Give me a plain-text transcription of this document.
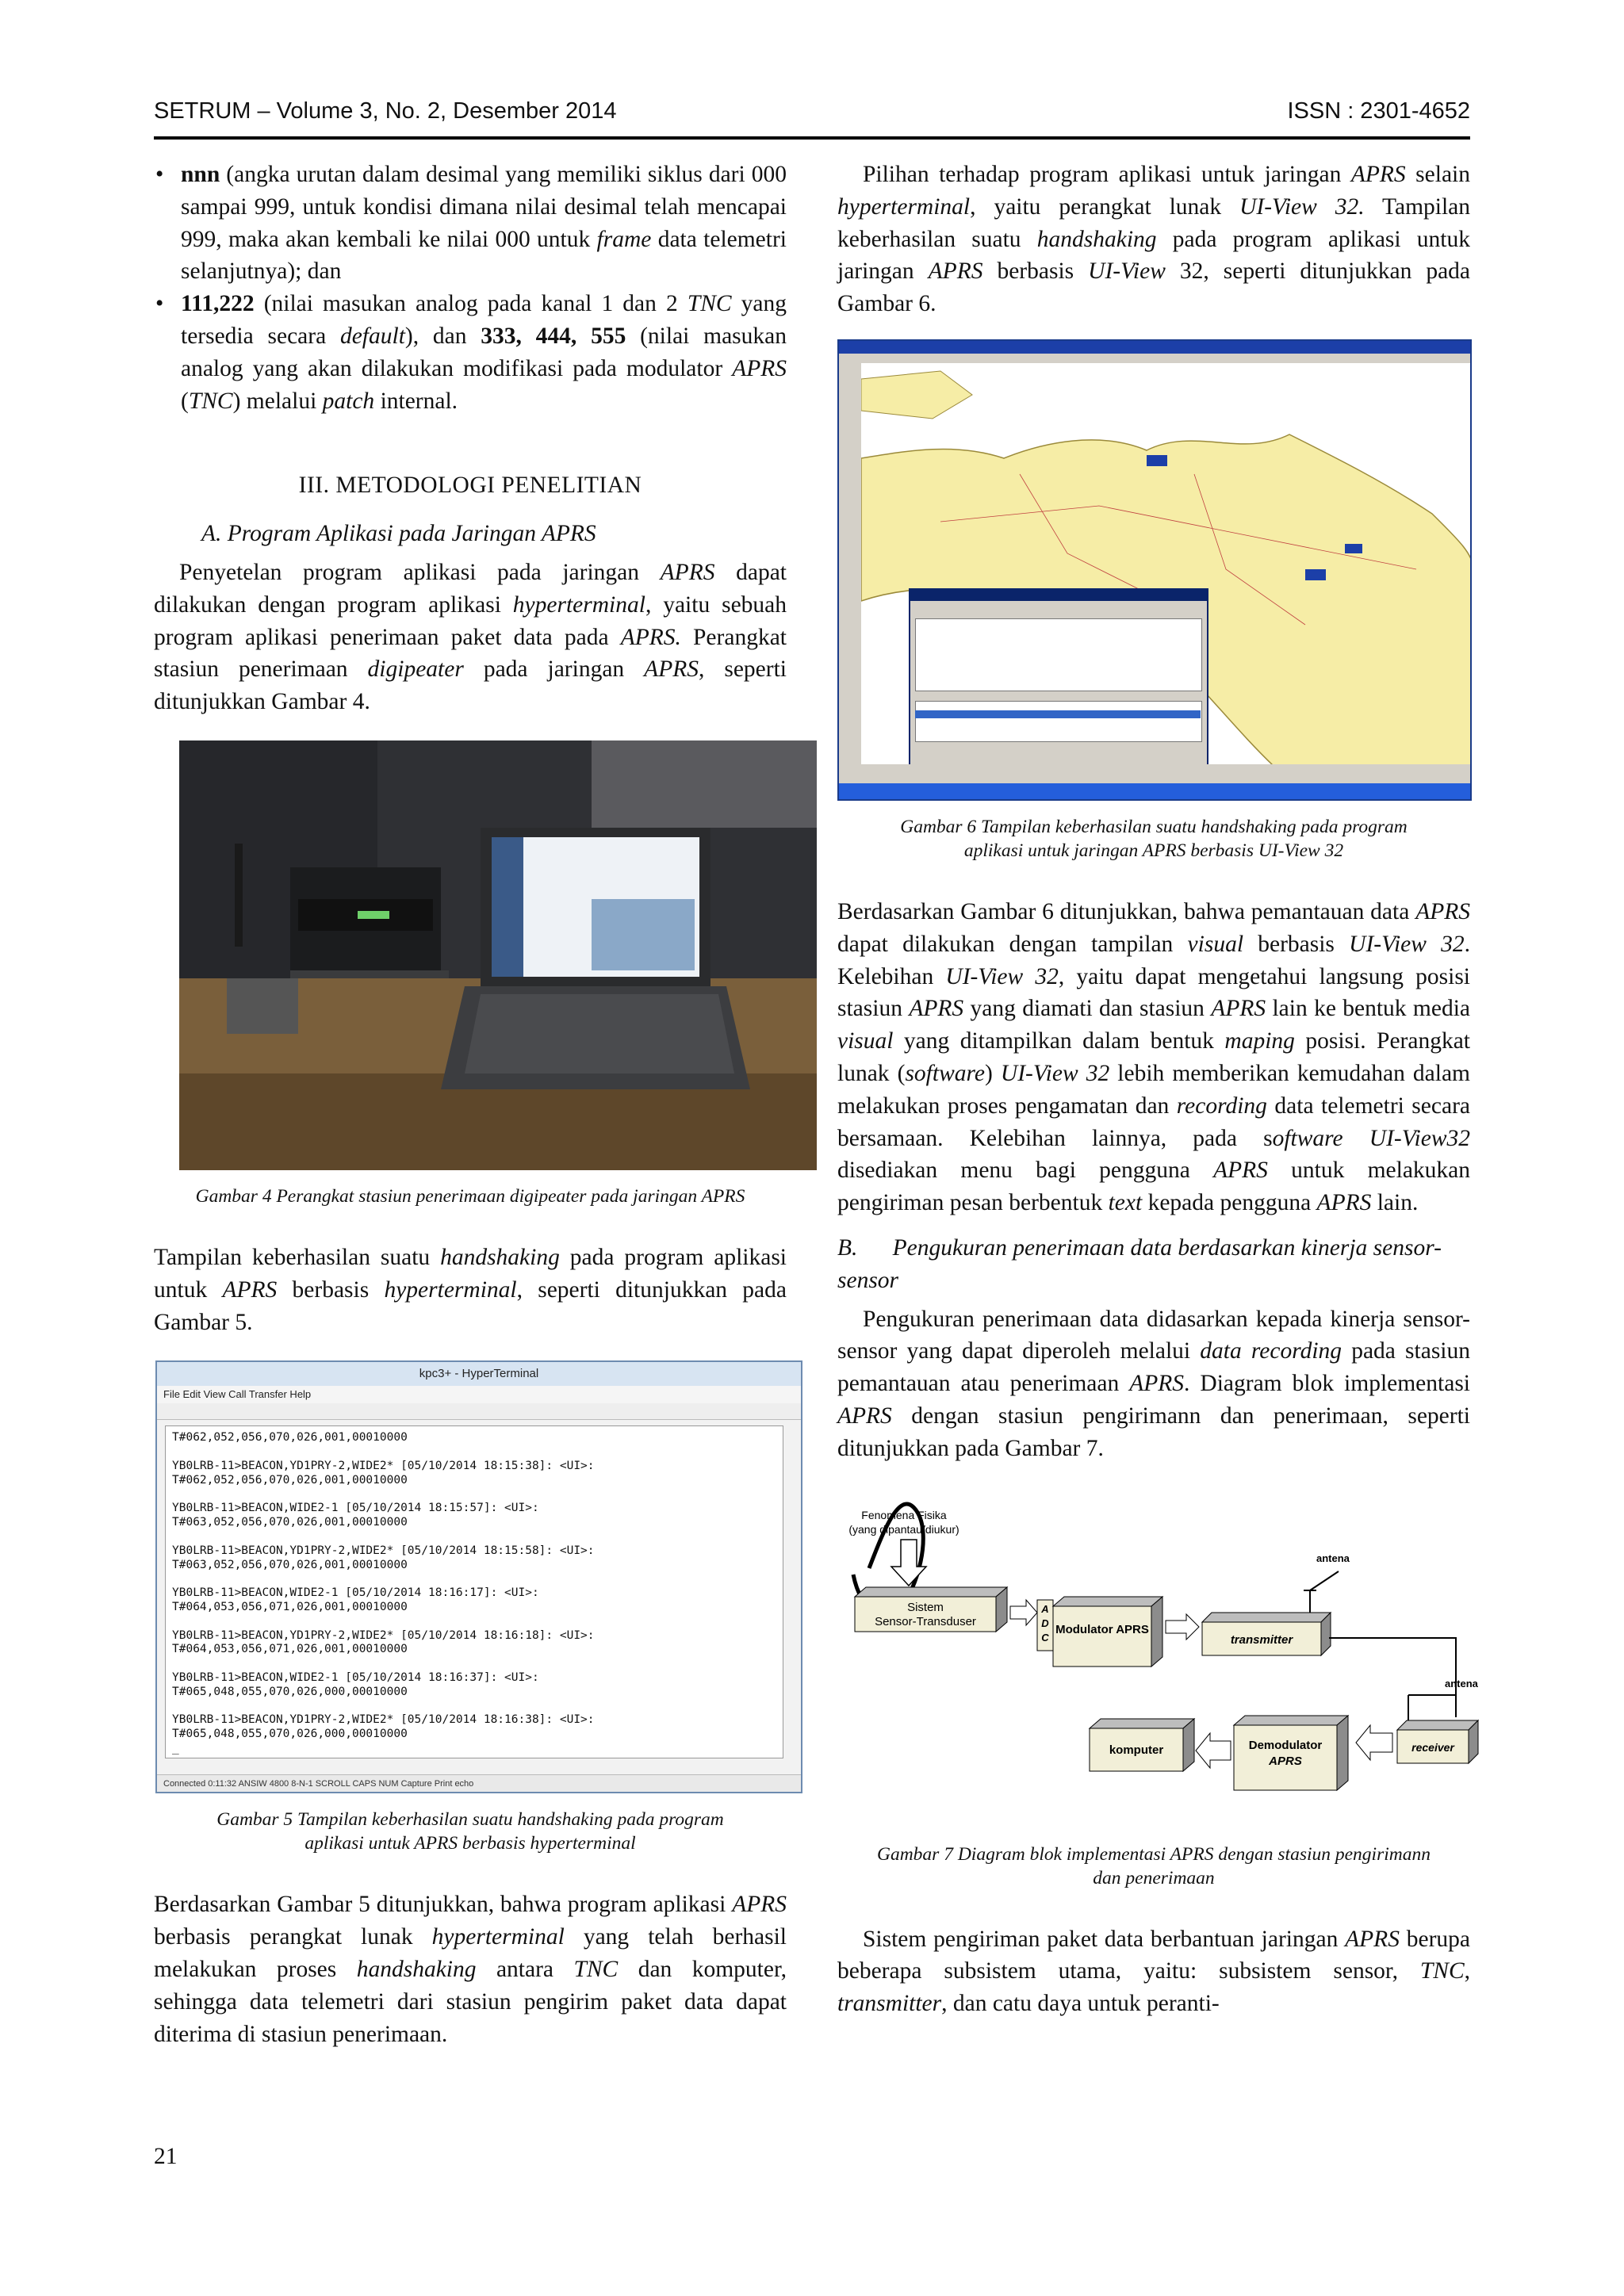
SETRUM – Volume 3, No. 2, Desember 2014	ISSN : 2301-4652
• nnn (angka urutan dalam desimal yang memiliki siklus dari 000 sampai 999, untuk kondisi dimana nilai desimal telah mencapai 999, maka akan kembali ke nilai 000 untuk frame data telemetri selanjutnya); dan
• 111,222 (nilai masukan analog pada kanal 1 dan 2 TNC yang tersedia secara default), dan 333, 444, 555 (nilai masukan analog yang akan dilakukan modifikasi pada modulator APRS (TNC) melalui patch internal.
III. METODOLOGI PENELITIAN
A. Program Aplikasi pada Jaringan APRS

Penyetelan program aplikasi pada jaringan APRS dapat dilakukan dengan program aplikasi hyperterminal, yaitu sebuah program aplikasi penerimaan paket data pada APRS. Perangkat stasiun penerimaan digipeater pada jaringan APRS, seperti ditunjukkan Gambar 4.

Gambar 4 Perangkat stasiun penerimaan digipeater pada jaringan APRS

Tampilan keberhasilan suatu handshaking pada program aplikasi untuk APRS berbasis hyperterminal, seperti ditunjukkan pada Gambar 5.

kpc3+ - HyperTerminal
File Edit View Call Transfer Help
T#062,052,056,070,026,001,00010000

YB0LRB-11>BEACON,YD1PRY-2,WIDE2* [05/10/2014 18:15:38]: <UI>:
T#062,052,056,070,026,001,00010000

YB0LRB-11>BEACON,WIDE2-1 [05/10/2014 18:15:57]: <UI>:
T#063,052,056,070,026,001,00010000

YB0LRB-11>BEACON,YD1PRY-2,WIDE2* [05/10/2014 18:15:58]: <UI>:
T#063,052,056,070,026,001,00010000

YB0LRB-11>BEACON,WIDE2-1 [05/10/2014 18:16:17]: <UI>:
T#064,053,056,071,026,001,00010000

YB0LRB-11>BEACON,YD1PRY-2,WIDE2* [05/10/2014 18:16:18]: <UI>:
T#064,053,056,071,026,001,00010000

YB0LRB-11>BEACON,WIDE2-1 [05/10/2014 18:16:37]: <UI>:
T#065,048,055,070,026,000,00010000

YB0LRB-11>BEACON,YD1PRY-2,WIDE2* [05/10/2014 18:16:38]: <UI>:
T#065,048,055,070,026,000,00010000
_
Connected 0:11:32 ANSIW 4800 8-N-1 SCROLL CAPS NUM Capture Print echo
Gambar 5 Tampilan keberhasilan suatu handshaking pada program aplikasi untuk APRS berbasis hyperterminal

Berdasarkan Gambar 5 ditunjukkan, bahwa program aplikasi APRS berbasis perangkat lunak hyperterminal yang telah berhasil melakukan proses handshaking antara TNC dan komputer, sehingga data telemetri dari stasiun pengirim paket data dapat diterima di stasiun penerimaan.

Pilihan terhadap program aplikasi untuk jaringan APRS selain hyperterminal, yaitu perangkat lunak UI-View 32. Tampilan keberhasilan suatu handshaking pada program aplikasi untuk jaringan APRS berbasis UI-View 32, seperti ditunjukkan pada Gambar 6.

Gambar 6 Tampilan keberhasilan suatu handshaking pada program aplikasi untuk jaringan APRS berbasis UI-View 32

Berdasarkan Gambar 6 ditunjukkan, bahwa pemantauan data APRS dapat dilakukan dengan tampilan visual berbasis UI-View 32. Kelebihan UI-View 32, yaitu dapat mengetahui langsung posisi stasiun APRS yang diamati dan stasiun APRS lain ke bentuk media visual yang ditampilkan dalam bentuk maping posisi. Perangkat lunak (software) UI-View 32 lebih memberikan kemudahan dalam melakukan proses pengamatan dan recording data telemetri secara bersamaan. Kelebihan lainnya, pada software UI-View32 disediakan menu bagi pengguna APRS untuk melakukan pengiriman pesan berbentuk text kepada pengguna APRS lain.

B.      Pengukuran penerimaan data berdasarkan kinerja sensor-sensor

Pengukuran penerimaan data didasarkan kepada kinerja sensor-sensor yang dapat diperoleh melalui data recording pada stasiun pemantauan atau penerimaan APRS. Diagram blok implementasi APRS dengan stasiun pengirimann dan penerimaan, seperti ditunjukkan pada Gambar 7.

Fenomena Fisika
(yang dipantau/diukur)
Sistem
Sensor-Transduser
A
D
C
Modulator APRS
transmitter
antena
receiver
antena
Demodulator
APRS
komputer
Gambar 7 Diagram blok implementasi APRS dengan stasiun pengirimann dan penerimaan

Sistem pengiriman paket data berbantuan jaringan APRS berupa beberapa subsistem utama, yaitu: subsistem sensor, TNC, transmitter, dan catu daya untuk peranti-

21
